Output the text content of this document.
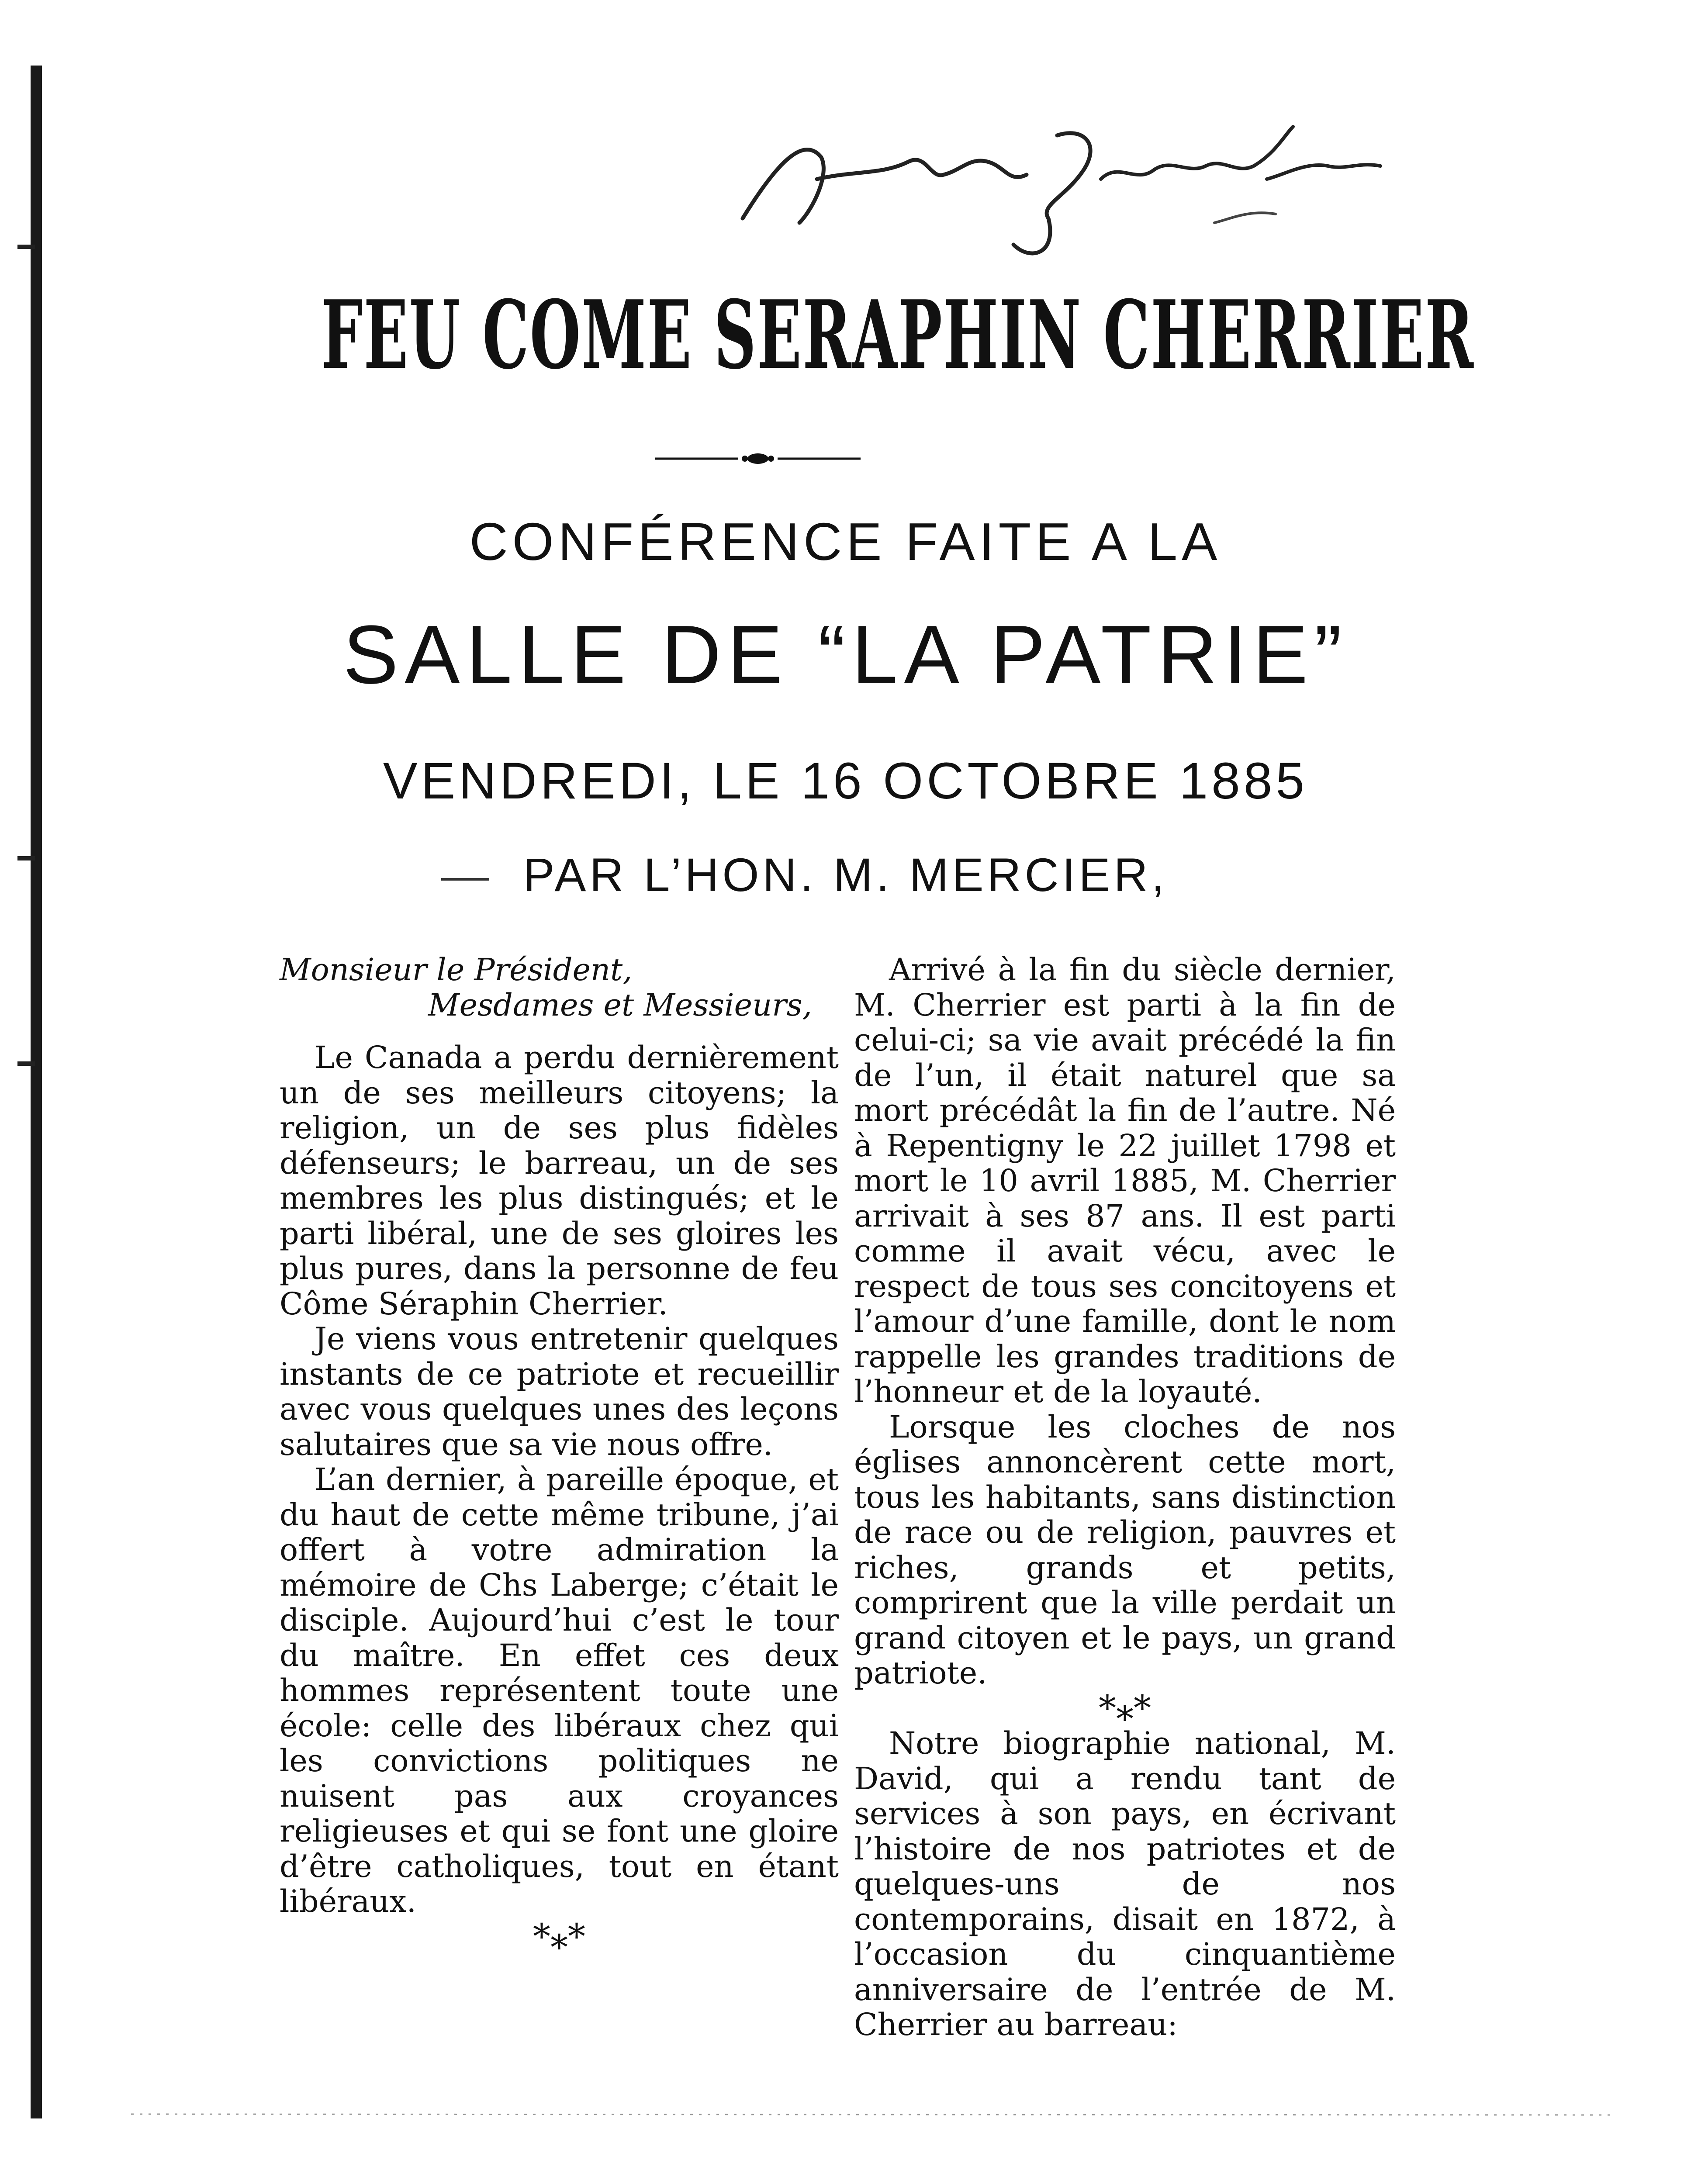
FEU COME SERAPHIN CHERRIER
CONFÉRENCE FAITE A LA
SALLE DE “LA PATRIE”
VENDREDI, LE 16 OCTOBRE 1885
PAR L’HON. M. MERCIER,

Monsieur le Président,

Mesdames et Messieurs,

Le Canada a perdu dernièrement un de ses meilleurs citoyens; la religion, un de ses plus fidèles défenseurs; le barreau, un de ses membres les plus distingués; et le parti libéral, une de ses gloires les plus pures, dans la personne de feu Côme Séraphin Cherrier.

Je viens vous entretenir quelques instants de ce patriote et recueillir avec vous quelques unes des leçons salutaires que sa vie nous offre.

L’an dernier, à pareille époque, et du haut de cette même tribune, j’ai offert à votre admiration la mémoire de Chs Laberge; c’était le disciple. Aujourd’hui c’est le tour du maître. En effet ces deux hommes représentent toute une école: celle des libéraux chez qui les convictions politiques ne nuisent pas aux croyances religieuses et qui se font une gloire d’être catholiques, tout en étant libéraux.

*⁎*

Arrivé à la fin du siècle dernier, M. Cherrier est parti à la fin de celui-ci; sa vie avait précédé la fin de l’un, il était naturel que sa mort précédât la fin de l’autre. Né à Repentigny le 22 juillet 1798 et mort le 10 avril 1885, M. Cherrier arrivait à ses 87 ans. Il est parti comme il avait vécu, avec le respect de tous ses concitoyens et l’amour d’une famille, dont le nom rappelle les grandes traditions de l’honneur et de la loyauté.

Lorsque les cloches de nos églises annoncèrent cette mort, tous les habitants, sans distinction de race ou de religion, pauvres et riches, grands et petits, comprirent que la ville perdait un grand citoyen et le pays, un grand patriote.

*⁎*

Notre biographie national, M. David, qui a rendu tant de services à son pays, en écrivant l’histoire de nos patriotes et de quelques-uns de nos contemporains, disait en 1872, à l’occasion du cinquantième anniversaire de l’entrée de M. Cherrier au barreau:
